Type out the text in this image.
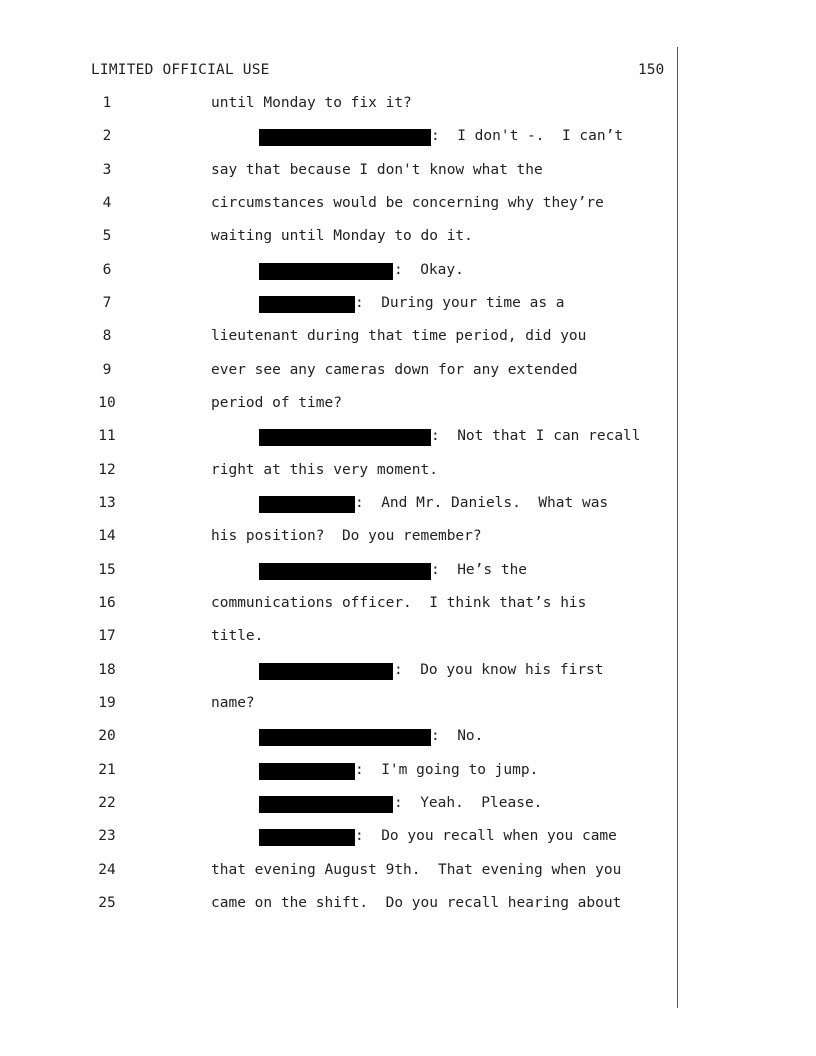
LIMITED OFFICIAL USE	150
1	until Monday to fix it?
2	:  I don't -.  I can’t
3	say that because I don't know what the
4	circumstances would be concerning why they’re
5	waiting until Monday to do it.
6	:  Okay.
7	:  During your time as a
8	lieutenant during that time period, did you
9	ever see any cameras down for any extended
10	period of time?
11	:  Not that I can recall
12	right at this very moment.
13	:  And Mr. Daniels.  What was
14	his position?  Do you remember?
15	:  He’s the
16	communications officer.  I think that’s his
17	title.
18	:  Do you know his first
19	name?
20	:  No.
21	:  I'm going to jump.
22	:  Yeah.  Please.
23	:  Do you recall when you came
24	that evening August 9th.  That evening when you
25	came on the shift.  Do you recall hearing about
